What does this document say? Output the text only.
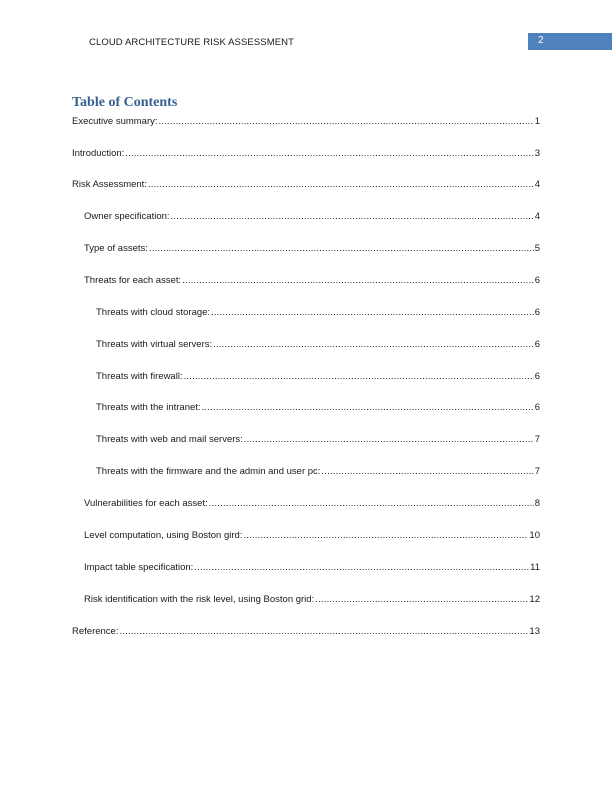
CLOUD ARCHITECTURE RISK ASSESSMENT	2
Table of Contents
Executive summary: .....	1
Introduction: .....	3
Risk Assessment: .....	4
Owner specification: .....	4
Type of assets: .....	5
Threats for each asset: .....	6
Threats with cloud storage: .....	6
Threats with virtual servers: .....	6
Threats with firewall: .....	6
Threats with the intranet: .....	6
Threats with web and mail servers: .....	7
Threats with the firmware and the admin and user pc: .....	7
Vulnerabilities for each asset: .....	8
Level computation, using Boston gird: .....	10
Impact table specification: .....	11
Risk identification with the risk level, using Boston grid: .....	12
Reference: .....	13
